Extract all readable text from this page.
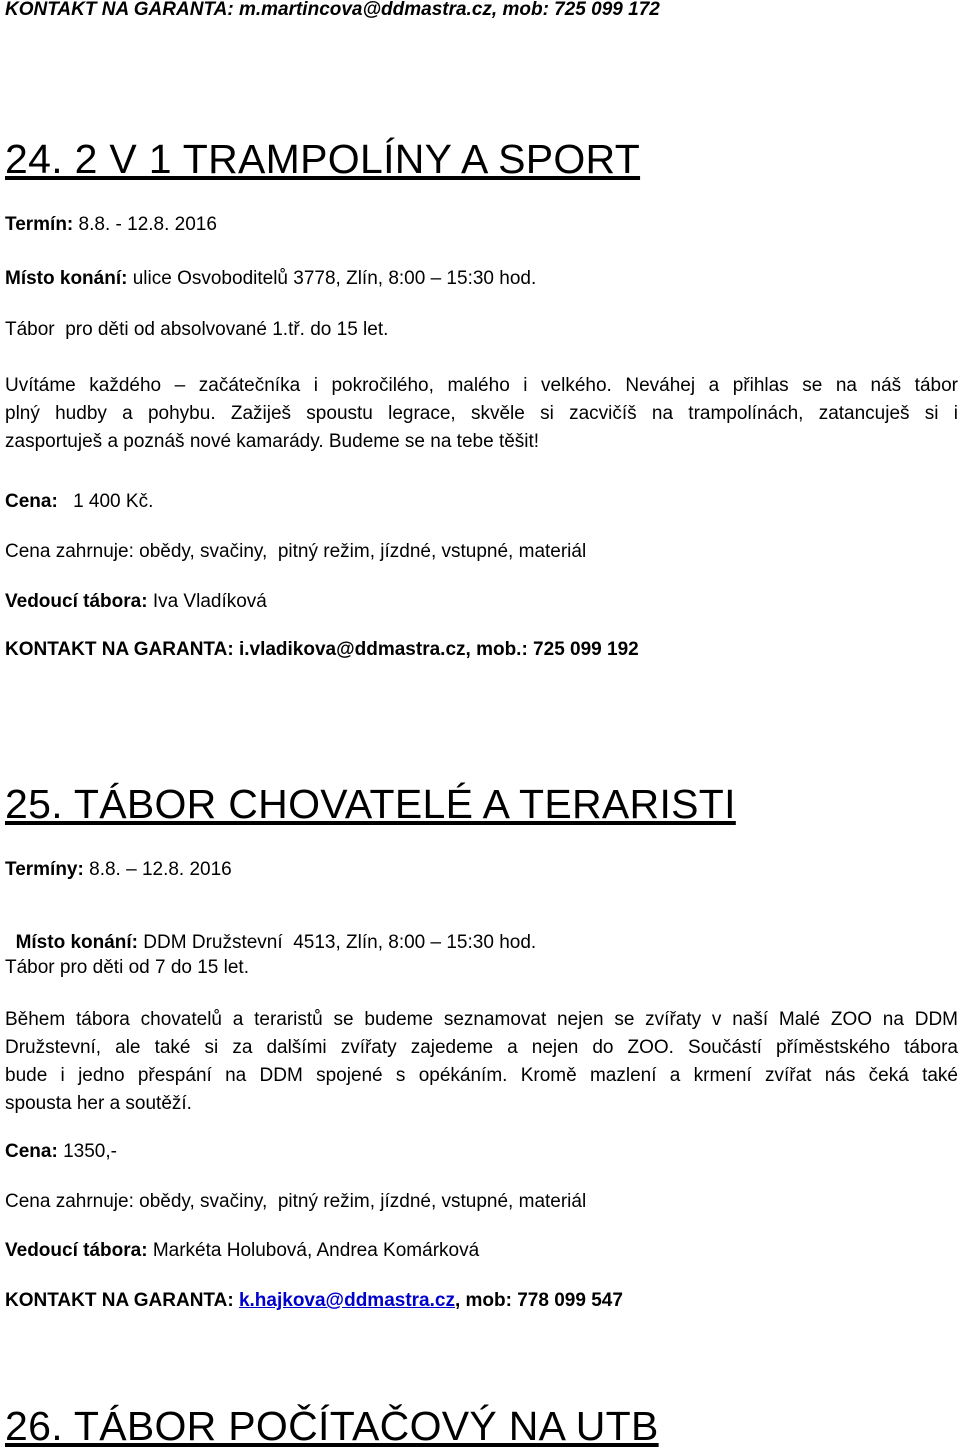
KONTAKT NA GARANTA: m.martincova@ddmastra.cz, mob: 725 099 172
24. 2 V 1 TRAMPOLÍNY A SPORT
Termín: 8.8. - 12.8. 2016
Místo konání: ulice Osvoboditelů 3778, Zlín, 8:00 – 15:30 hod.
Tábor  pro děti od absolvované 1.tř. do 15 let.
Uvítáme každého – začátečníka i pokročilého, malého i velkého. Neváhej a přihlas se na náš tábor
plný hudby a pohybu. Zažiješ spoustu legrace, skvěle si zacvičíš na trampolínách, zatancuješ si i
zasportuješ a poznáš nové kamarády. Budeme se na tebe těšit!
Cena: 1 400 Kč.
Cena zahrnuje: obědy, svačiny,  pitný režim, jízdné, vstupné, materiál
Vedoucí tábora: Iva Vladíková
KONTAKT NA GARANTA: i.vladikova@ddmastra.cz, mob.: 725 099 192
25. TÁBOR CHOVATELÉ A TERARISTI
Termíny: 8.8. – 12.8. 2016

Místo konání: DDM Družstevní  4513, Zlín, 8:00 – 15:30 hod.

Tábor pro děti od 7 do 15 let.
Během tábora chovatelů a teraristů se budeme seznamovat nejen se zvířaty v naší Malé ZOO na DDM
Družstevní, ale také si za dalšími zvířaty zajedeme a nejen do ZOO. Součástí příměstského tábora
bude i jedno přespání na DDM spojené s opékáním. Kromě mazlení a krmení zvířat nás čeká také
spousta her a soutěží.
Cena: 1350,-
Cena zahrnuje: obědy, svačiny,  pitný režim, jízdné, vstupné, materiál
Vedoucí tábora: Markéta Holubová, Andrea Komárková
KONTAKT NA GARANTA: k.hajkova@ddmastra.cz, mob: 778 099 547
26. TÁBOR POČÍTAČOVÝ NA UTB
